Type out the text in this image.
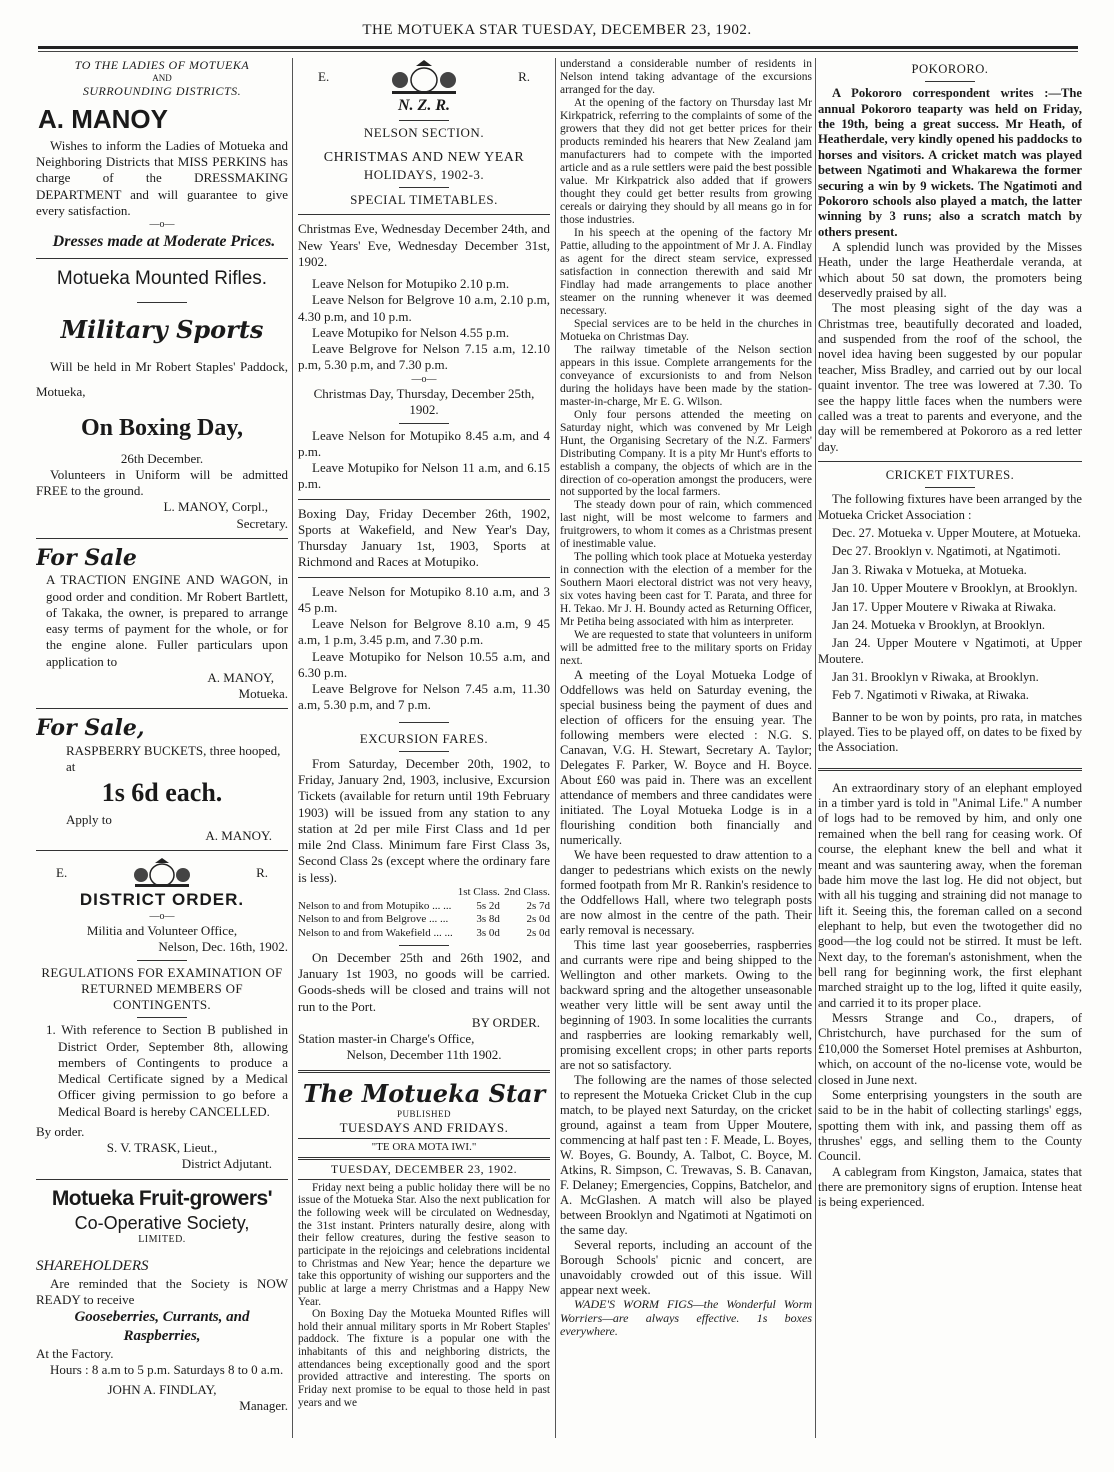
THE MOTUEKA STAR TUESDAY, DECEMBER 23, 1902.

TO THE LADIES OF MOTUEKA

AND

SURROUNDING DISTRICTS.

A. MANOY

Wishes to inform the Ladies of Motueka and Neighboring Districts that MISS PERKINS has charge of the DRESSMAKING DEPARTMENT and will guarantee to give every satisfaction.

—o—

Dresses made at Moderate Prices.

Motueka Mounted Rifles.

Military Sports

Will be held in Mr Robert Staples' Paddock, Motueka,

On Boxing Day,

26th December.

Volunteers in Uniform will be admitted FREE to the ground.

L. MANOY, Corpl.,

Secretary.

For Sale

A TRACTION ENGINE AND WAGON, in good order and condition. Mr Robert Bartlett, of Takaka, the owner, is prepared to arrange easy terms of payment for the whole, or for the engine alone. Fuller particulars upon application to

A. MANOY,

Motueka.

For Sale,

RASPBERRY BUCKETS, three hooped, at

1s 6d each.

Apply to

A. MANOY.

E.	R.

DISTRICT ORDER.

—o—

Militia and Volunteer Office,

Nelson, Dec. 16th, 1902.

REGULATIONS FOR EXAMINATION OF RETURNED MEMBERS OF CONTINGENTS.

1. With reference to Section B published in District Order, September 8th, allowing members of Contingents to produce a Medical Certificate signed by a Medical Officer giving permission to go before a Medical Board is hereby CANCELLED.

By order.

S. V. TRASK, Lieut.,

District Adjutant.

Motueka Fruit-growers'

Co-Operative Society,

LIMITED.

SHAREHOLDERS

Are reminded that the Society is NOW READY to receive

Gooseberries, Currants, and Raspberries,

At the Factory.

Hours : 8 a.m to 5 p.m. Saturdays 8 to 0 a.m.

JOHN A. FINDLAY,

Manager.

E.	R.

N. Z. R.

NELSON SECTION.

CHRISTMAS AND NEW YEAR

HOLIDAYS, 1902-3.

SPECIAL TIMETABLES.

Christmas Eve, Wednesday December 24th, and New Years' Eve, Wednesday December 31st, 1902.

Leave Nelson for Motupiko 2.10 p.m.

Leave Nelson for Belgrove 10 a.m, 2.10 p.m, 4.30 p.m, and 10 p.m.

Leave Motupiko for Nelson 4.55 p.m.

Leave Belgrove for Nelson 7.15 a.m, 12.10 p.m, 5.30 p.m, and 7.30 p.m.

—o—

Christmas Day, Thursday, December 25th, 1902.

Leave Nelson for Motupiko 8.45 a.m, and 4 p.m.

Leave Motupiko for Nelson 11 a.m, and 6.15 p.m.

Boxing Day, Friday December 26th, 1902, Sports at Wakefield, and New Year's Day, Thursday January 1st, 1903, Sports at Richmond and Races at Motupiko.

Leave Nelson for Motupiko 8.10 a.m, and 3 45 p.m.

Leave Nelson for Belgrove 8.10 a.m, 9 45 a.m, 1 p.m, 3.45 p.m, and 7.30 p.m.

Leave Motupiko for Nelson 10.55 a.m, and 6.30 p.m.

Leave Belgrove for Nelson 7.45 a.m, 11.30 a.m, 5.30 p.m, and 7 p.m.

EXCURSION FARES.

From Saturday, December 20th, 1902, to Friday, January 2nd, 1903, inclusive, Excursion Tickets (available for return until 19th February 1903) will be issued from any station to any station at 2d per mile First Class and 1d per mile 2nd Class. Minimum fare First Class 3s, Second Class 2s (except where the ordinary fare is less).

	1st Class.	2nd Class.
Nelson to and from Motupiko ... ...	5s 2d	2s 7d
Nelson to and from Belgrove ... ...	3s 8d	2s 0d
Nelson to and from Wakefield ... ...	3s 0d	2s 0d

On December 25th and 26th 1902, and January 1st 1903, no goods will be carried. Goods-sheds will be closed and trains will not run to the Port.

BY ORDER.

Station master-in Charge's Office,

Nelson, December 11th 1902.

The Motueka Star

PUBLISHED

TUESDAYS AND FRIDAYS.

"TE ORA MOTA IWI."

TUESDAY, DECEMBER 23, 1902.

Friday next being a public holiday there will be no issue of the Motueka Star. Also the next publication for the following week will be circulated on Wednesday, the 31st instant. Printers naturally desire, along with their fellow creatures, during the festive season to participate in the rejoicings and celebrations incidental to Christmas and New Year; hence the departure we take this opportunity of wishing our supporters and the public at large a merry Christmas and a Happy New Year.

On Boxing Day the Motueka Mounted Rifles will hold their annual military sports in Mr Robert Staples' paddock. The fixture is a popular one with the inhabitants of this and neighboring districts, the attendances being exceptionally good and the sport provided attractive and interesting. The sports on Friday next promise to be equal to those held in past years and we

understand a considerable number of residents in Nelson intend taking advantage of the excursions arranged for the day.

At the opening of the factory on Thursday last Mr Kirkpatrick, referring to the complaints of some of the growers that they did not get better prices for their products reminded his hearers that New Zealand jam manufacturers had to compete with the imported article and as a rule settlers were paid the best possible value. Mr Kirkpatrick also added that if growers thought they could get better results from growing cereals or dairying they should by all means go in for those industries.

In his speech at the opening of the factory Mr Pattie, alluding to the appointment of Mr J. A. Findlay as agent for the direct steam service, expressed satisfaction in connection therewith and said Mr Findlay had made arrangements to place another steamer on the running whenever it was deemed necessary.

Special services are to be held in the churches in Motueka on Christmas Day.

The railway timetable of the Nelson section appears in this issue. Complete arrangements for the conveyance of excursionists to and from Nelson during the holidays have been made by the station-master-in-charge, Mr E. G. Wilson.

Only four persons attended the meeting on Saturday night, which was convened by Mr Leigh Hunt, the Organising Secretary of the N.Z. Farmers' Distributing Company. It is a pity Mr Hunt's efforts to establish a company, the objects of which are in the direction of co-operation amongst the producers, were not supported by the local farmers.

The steady down pour of rain, which commenced last night, will be most welcome to farmers and fruitgrowers, to whom it comes as a Christmas present of inestimable value.

The polling which took place at Motueka yesterday in connection with the election of a member for the Southern Maori electoral district was not very heavy, six votes having been cast for T. Parata, and three for H. Tekao. Mr J. H. Boundy acted as Returning Officer, Mr Petiha being associated with him as interpreter.

We are requested to state that volunteers in uniform will be admitted free to the military sports on Friday next.

A meeting of the Loyal Motueka Lodge of Oddfellows was held on Saturday evening, the special business being the payment of dues and election of officers for the ensuing year. The following members were elected : N.G. S. Canavan, V.G. H. Stewart, Secretary A. Taylor; Delegates F. Parker, W. Boyce and H. Boyce. About £60 was paid in. There was an excellent attendance of members and three candidates were initiated. The Loyal Motueka Lodge is in a flourishing condition both financially and numerically.

We have been requested to draw attention to a danger to pedestrians which exists on the newly formed footpath from Mr R. Rankin's residence to the Oddfellows Hall, where two telegraph posts are now almost in the centre of the path. Their early removal is necessary.

This time last year gooseberries, raspberries and currants were ripe and being shipped to the Wellington and other markets. Owing to the backward spring and the altogether unseasonable weather very little will be sent away until the beginning of 1903. In some localities the currants and raspberries are looking remarkably well, promising excellent crops; in other parts reports are not so satisfactory.

The following are the names of those selected to represent the Motueka Cricket Club in the cup match, to be played next Saturday, on the cricket ground, against a team from Upper Moutere, commencing at half past ten : F. Meade, L. Boyes, W. Boyes, G. Boundy, A. Talbot, C. Boyce, M. Atkins, R. Simpson, C. Trewavas, S. B. Canavan, F. Delaney; Emergencies, Coppins, Batchelor, and A. McGlashen. A match will also be played between Brooklyn and Ngatimoti at Ngatimoti on the same day.

Several reports, including an account of the Borough Schools' picnic and concert, are unavoidably crowded out of this issue. Will appear next week.

WADE'S WORM FIGS—the Wonderful Worm Worriers—are always effective. 1s boxes everywhere.

POKORORO.

A Pokororo correspondent writes :—The annual Pokororo teaparty was held on Friday, the 19th, being a great success. Mr Heath, of Heatherdale, very kindly opened his paddocks to horses and visitors. A cricket match was played between Ngatimoti and Whakarewa the former securing a win by 9 wickets. The Ngatimoti and Pokororo schools also played a match, the latter winning by 3 runs; also a scratch match by others present.

A splendid lunch was provided by the Misses Heath, under the large Heatherdale veranda, at which about 50 sat down, the promoters being deservedly praised by all.

The most pleasing sight of the day was a Christmas tree, beautifully decorated and loaded, and suspended from the roof of the school, the novel idea having been suggested by our popular teacher, Miss Bradley, and carried out by our local quaint inventor. The tree was lowered at 7.30. To see the happy little faces when the numbers were called was a treat to parents and everyone, and the day will be remembered at Pokororo as a red letter day.

CRICKET FIXTURES.

The following fixtures have been arranged by the Motueka Cricket Association :

Dec. 27. Motueka v. Upper Moutere, at Motueka.

Dec 27. Brooklyn v. Ngatimoti, at Ngatimoti.

Jan 3. Riwaka v Motueka, at Motueka.

Jan 10. Upper Moutere v Brooklyn, at Brooklyn.

Jan 17. Upper Moutere v Riwaka at Riwaka.

Jan 24. Motueka v Brooklyn, at Brooklyn.

Jan 24. Upper Moutere v Ngatimoti, at Upper Moutere.

Jan 31. Brooklyn v Riwaka, at Brooklyn.

Feb 7. Ngatimoti v Riwaka, at Riwaka.

Banner to be won by points, pro rata, in matches played. Ties to be played off, on dates to be fixed by the Association.

An extraordinary story of an elephant employed in a timber yard is told in "Animal Life." A number of logs had to be removed by him, and only one remained when the bell rang for ceasing work. Of course, the elephant knew the bell and what it meant and was sauntering away, when the foreman bade him move the last log. He did not object, but with all his tugging and straining did not manage to lift it. Seeing this, the foreman called on a second elephant to help, but even the twotogether did no good—the log could not be stirred. It must be left. Next day, to the foreman's astonishment, when the bell rang for beginning work, the first elephant marched straight up to the log, lifted it quite easily, and carried it to its proper place.

Messrs Strange and Co., drapers, of Christchurch, have purchased for the sum of £10,000 the Somerset Hotel premises at Ashburton, which, on account of the no-license vote, would be closed in June next.

Some enterprising youngsters in the south are said to be in the habit of collecting starlings' eggs, spotting them with ink, and passing them off as thrushes' eggs, and selling them to the County Council.

A cablegram from Kingston, Jamaica, states that there are premonitory signs of eruption. Intense heat is being experienced.
